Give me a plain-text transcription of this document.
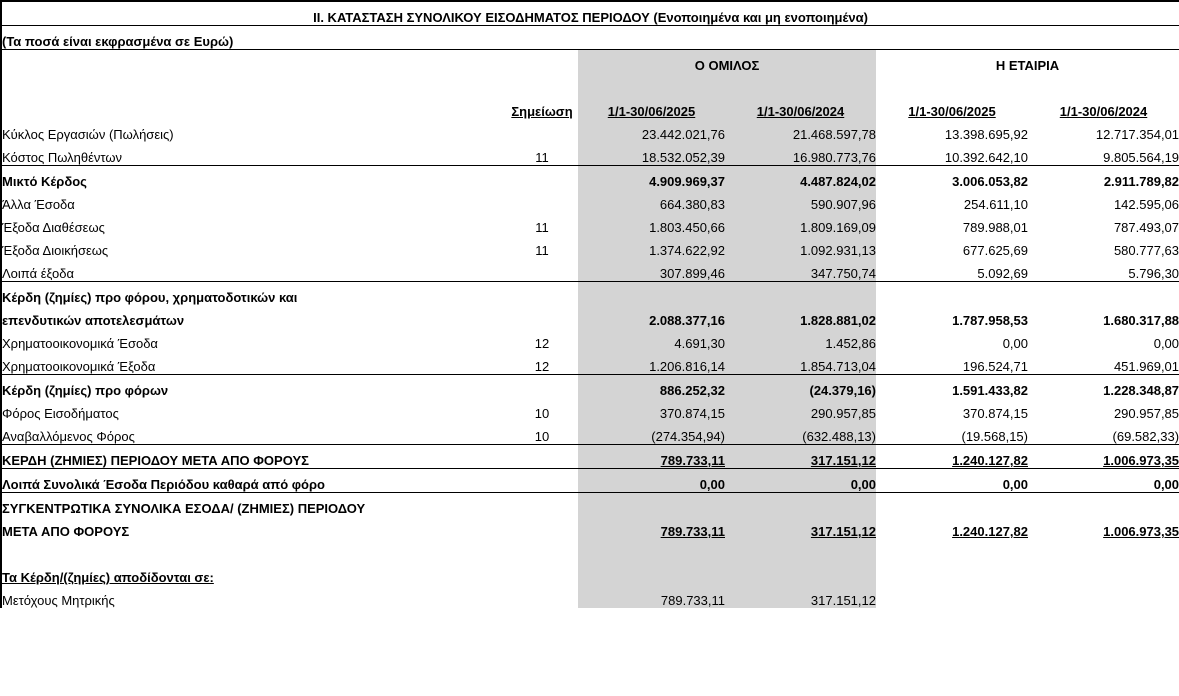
II. ΚΑΤΑΣΤΑΣΗ ΣΥΝΟΛΙΚΟΥ ΕΙΣΟΔΗΜΑΤΟΣ ΠΕΡΙΟΔΟΥ (Ενοποιημένα και μη ενοποιημένα)					
(Τα ποσά είναι εκφρασμένα σε Ευρώ)					
		Ο ΟΜΙΛΟΣ		Η ΕΤΑΙΡΙΑ	

	Σημείωση	1/1-30/06/2025	1/1-30/06/2024	1/1-30/06/2025	1/1-30/06/2024
Κύκλος Εργασιών (Πωλήσεις)		23.442.021,76	21.468.597,78	13.398.695,92	12.717.354,01
Κόστος Πωληθέντων	11	18.532.052,39	16.980.773,76	10.392.642,10	9.805.564,19
Μικτό Κέρδος		4.909.969,37	4.487.824,02	3.006.053,82	2.911.789,82
Άλλα Έσοδα		664.380,83	590.907,96	254.611,10	142.595,06
Έξοδα Διαθέσεως	11	1.803.450,66	1.809.169,09	789.988,01	787.493,07
Έξοδα Διοικήσεως	11	1.374.622,92	1.092.931,13	677.625,69	580.777,63
Λοιπά έξοδα		307.899,46	347.750,74	5.092,69	5.796,30
Κέρδη (ζημίες) προ φόρου, χρηματοδοτικών και					
επενδυτικών αποτελεσμάτων		2.088.377,16	1.828.881,02	1.787.958,53	1.680.317,88
Χρηματοοικονομικά Έσοδα	12	4.691,30	1.452,86	0,00	0,00
Χρηματοοικονομικά Έξοδα	12	1.206.816,14	1.854.713,04	196.524,71	451.969,01
Κέρδη (ζημίες) προ φόρων		886.252,32	(24.379,16)	1.591.433,82	1.228.348,87
Φόρος Εισοδήματος	10	370.874,15	290.957,85	370.874,15	290.957,85
Αναβαλλόμενος Φόρος	10	(274.354,94)	(632.488,13)	(19.568,15)	(69.582,33)
ΚΕΡΔΗ (ΖΗΜΙΕΣ) ΠΕΡΙΟΔΟΥ ΜΕΤΑ ΑΠΟ ΦΟΡΟΥΣ		789.733,11	317.151,12	1.240.127,82	1.006.973,35
Λοιπά Συνολικά Έσοδα Περιόδου καθαρά από φόρο		0,00	0,00	0,00	0,00
ΣΥΓΚΕΝΤΡΩΤΙΚΑ ΣΥΝΟΛΙΚΑ ΕΣΟΔΑ/ (ΖΗΜΙΕΣ) ΠΕΡΙΟΔΟΥ					
ΜΕΤΑ ΑΠΟ ΦΟΡΟΥΣ		789.733,11	317.151,12	1.240.127,82	1.006.973,35

Τα Κέρδη/(ζημίες) αποδίδονται σε:					
Μετόχους Μητρικής		789.733,11	317.151,12		
